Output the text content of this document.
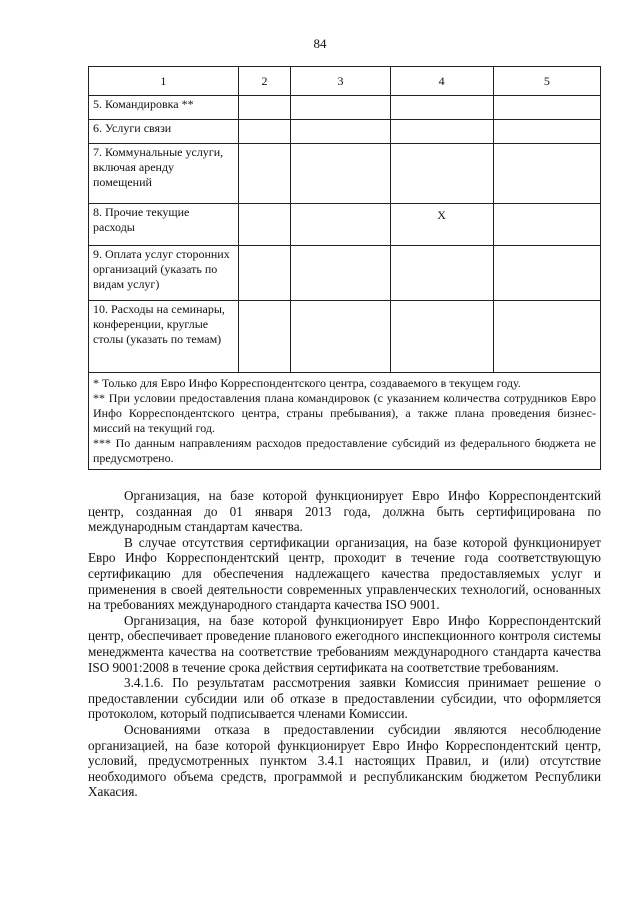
84
1	2	3	4	5
5. Командировка **				
6. Услуги связи				
7. Коммунальные услуги, включая аренду помещений				
8. Прочие текущие расходы			X	
9. Оплата услуг сторонних организаций (указать по видам услуг)				
10. Расходы на семинары, конференции, круглые столы (указать по темам)				

* Только для Евро Инфо Корреспондентского центра, создаваемого в текущем году.
** При условии предоставления плана командировок (с указанием количества сотрудников Евро Инфо Корреспондентского центра, страны пребывания), а также плана проведения бизнес-миссий на текущий год.
*** По данным направлениям расходов предоставление субсидий из федерального бюджета не предусмотрено.				

Организация, на базе которой функционирует Евро Инфо Корреспондентский центр, созданная до 01 января 2013 года, должна быть сертифицирована по международным стандартам качества.

В случае отсутствия сертификации организация, на базе которой функционирует Евро Инфо Корреспондентский центр, проходит в течение года соответствующую сертификацию для обеспечения надлежащего качества предоставляемых услуг и применения в своей деятельности современных управленческих технологий, основанных на требованиях международного стандарта качества ISO 9001.

Организация, на базе которой функционирует Евро Инфо Корреспондентский центр, обеспечивает проведение планового ежегодного инспекционного контроля системы менеджмента качества на соответствие требованиям международного стандарта качества ISO 9001:2008 в течение срока действия сертификата на соответствие требованиям.

3.4.1.6. По результатам рассмотрения заявки Комиссия принимает решение о предоставлении субсидии или об отказе в предоставлении субсидии, что оформляется протоколом, который подписывается членами Комиссии.

Основаниями отказа в предоставлении субсидии являются несоблюдение организацией, на базе которой функционирует Евро Инфо Корреспондентский центр, условий, предусмотренных пунктом 3.4.1 настоящих Правил, и (или) отсутствие необходимого объема средств, программой и республиканским бюджетом Республики Хакасия.
